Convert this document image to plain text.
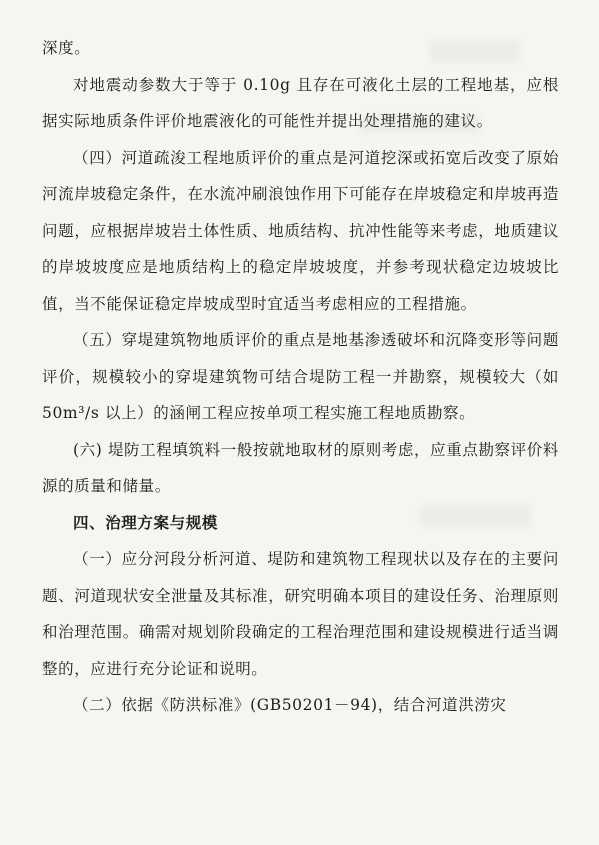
深度。

对地震动参数大于等于 0.10g 且存在可液化土层的工程地基，应根据实际地质条件评价地震液化的可能性并提出处理措施的建议。

（四）河道疏浚工程地质评价的重点是河道挖深或拓宽后改变了原始河流岸坡稳定条件，在水流冲刷浪蚀作用下可能存在岸坡稳定和岸坡再造问题，应根据岸坡岩土体性质、地质结构、抗冲性能等来考虑，地质建议的岸坡坡度应是地质结构上的稳定岸坡坡度，并参考现状稳定边坡坡比值，当不能保证稳定岸坡成型时宜适当考虑相应的工程措施。

（五）穿堤建筑物地质评价的重点是地基渗透破坏和沉降变形等问题评价，规模较小的穿堤建筑物可结合堤防工程一并勘察，规模较大（如 50m³/s 以上）的涵闸工程应按单项工程实施工程地质勘察。

(六) 堤防工程填筑料一般按就地取材的原则考虑，应重点勘察评价料源的质量和储量。

四、治理方案与规模

（一）应分河段分析河道、堤防和建筑物工程现状以及存在的主要问题、河道现状安全泄量及其标准，研究明确本项目的建设任务、治理原则和治理范围。确需对规划阶段确定的工程治理范围和建设规模进行适当调整的，应进行充分论证和说明。

（二）依据《防洪标准》(GB50201－94)，结合河道洪涝灾
